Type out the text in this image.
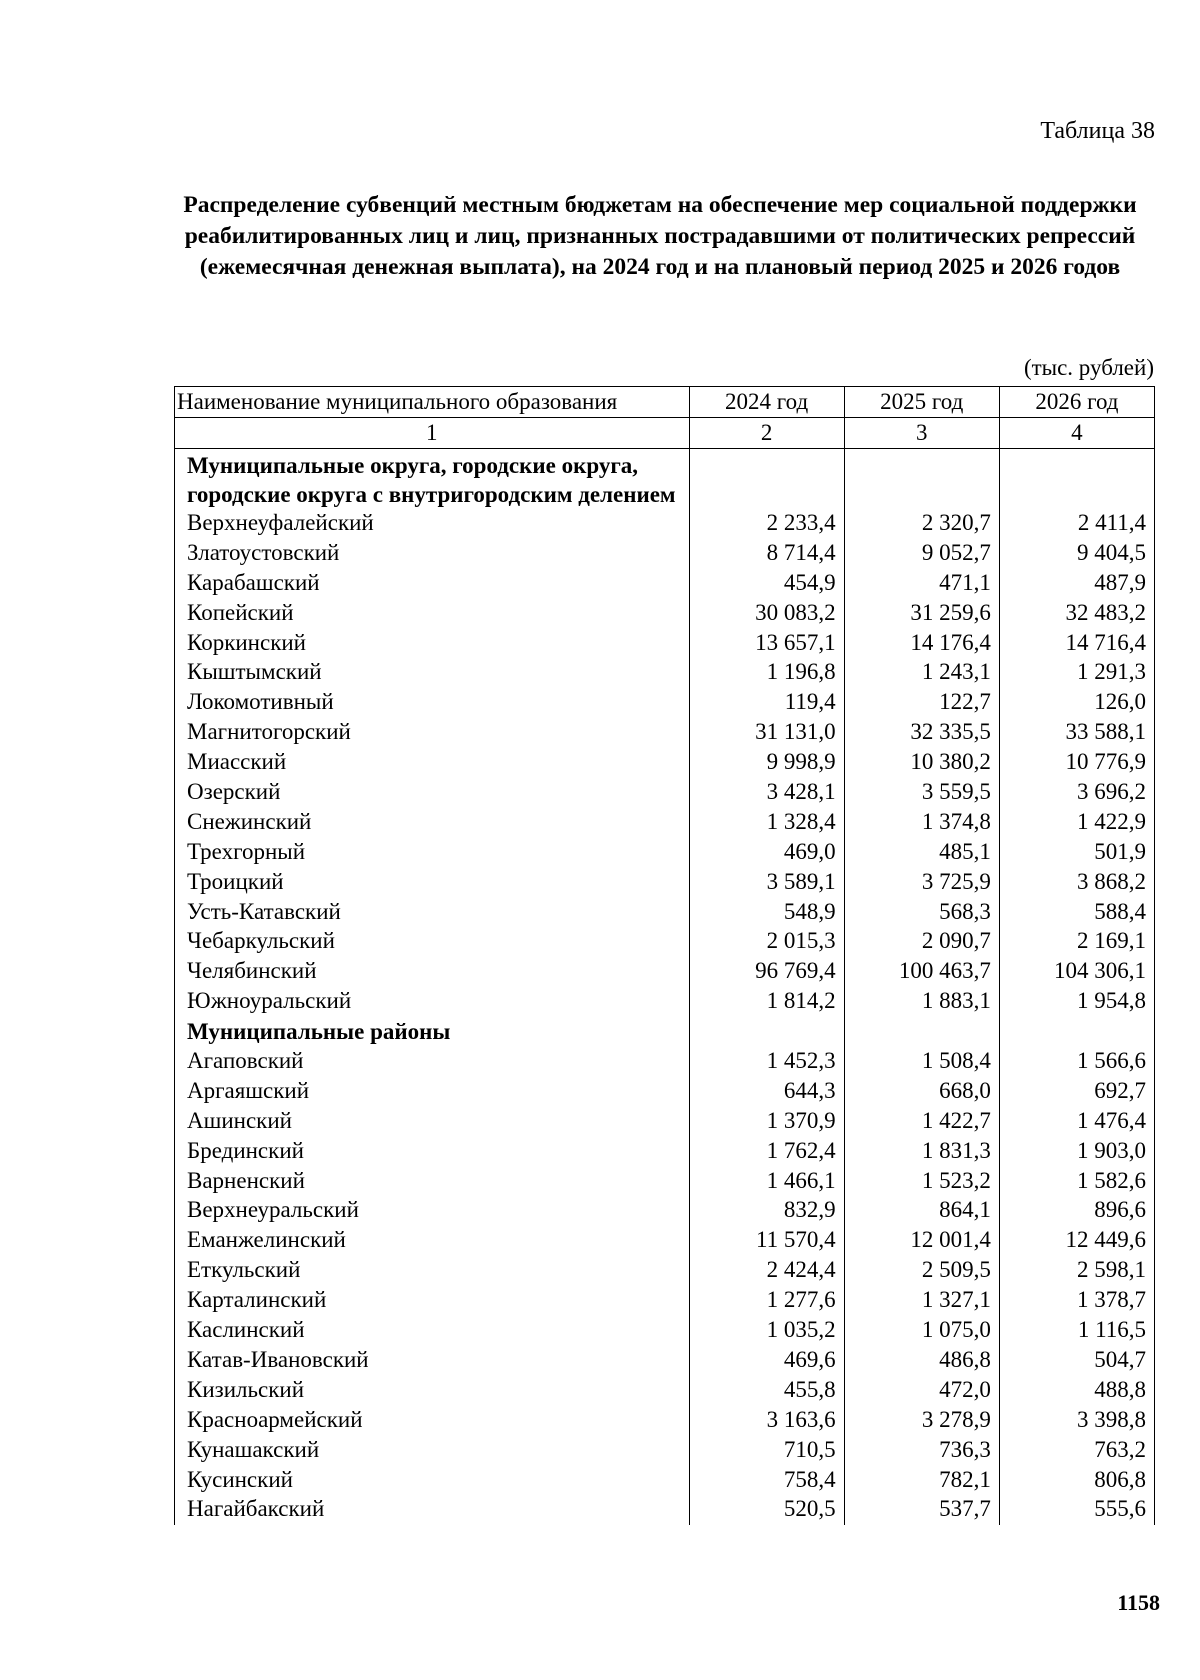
Таблица 38
Распределение субвенций местным бюджетам на обеспечение мер социальной поддержки реабилитированных лиц и лиц, признанных пострадавшими от политических репрессий (ежемесячная денежная выплата), на 2024 год и на плановый период 2025 и 2026 годов
(тыс. рублей)
Наименование муниципального образования	2024 год	2025 год	2026 год
1	2	3	4
Муниципальные округа, городские округа, городские округа с внутригородским делением			
Верхнеуфалейский	2 233,4	2 320,7	2 411,4
Златоустовский	8 714,4	9 052,7	9 404,5
Карабашский	454,9	471,1	487,9
Копейский	30 083,2	31 259,6	32 483,2
Коркинский	13 657,1	14 176,4	14 716,4
Кыштымский	1 196,8	1 243,1	1 291,3
Локомотивный	119,4	122,7	126,0
Магнитогорский	31 131,0	32 335,5	33 588,1
Миасский	9 998,9	10 380,2	10 776,9
Озерский	3 428,1	3 559,5	3 696,2
Снежинский	1 328,4	1 374,8	1 422,9
Трехгорный	469,0	485,1	501,9
Троицкий	3 589,1	3 725,9	3 868,2
Усть-Катавский	548,9	568,3	588,4
Чебаркульский	2 015,3	2 090,7	2 169,1
Челябинский	96 769,4	100 463,7	104 306,1
Южноуральский	1 814,2	1 883,1	1 954,8
Муниципальные районы			
Агаповский	1 452,3	1 508,4	1 566,6
Аргаяшский	644,3	668,0	692,7
Ашинский	1 370,9	1 422,7	1 476,4
Брединский	1 762,4	1 831,3	1 903,0
Варненский	1 466,1	1 523,2	1 582,6
Верхнеуральский	832,9	864,1	896,6
Еманжелинский	11 570,4	12 001,4	12 449,6
Еткульский	2 424,4	2 509,5	2 598,1
Карталинский	1 277,6	1 327,1	1 378,7
Каслинский	1 035,2	1 075,0	1 116,5
Катав-Ивановский	469,6	486,8	504,7
Кизильский	455,8	472,0	488,8
Красноармейский	3 163,6	3 278,9	3 398,8
Кунашакский	710,5	736,3	763,2
Кусинский	758,4	782,1	806,8
Нагайбакский	520,5	537,7	555,6
1158
